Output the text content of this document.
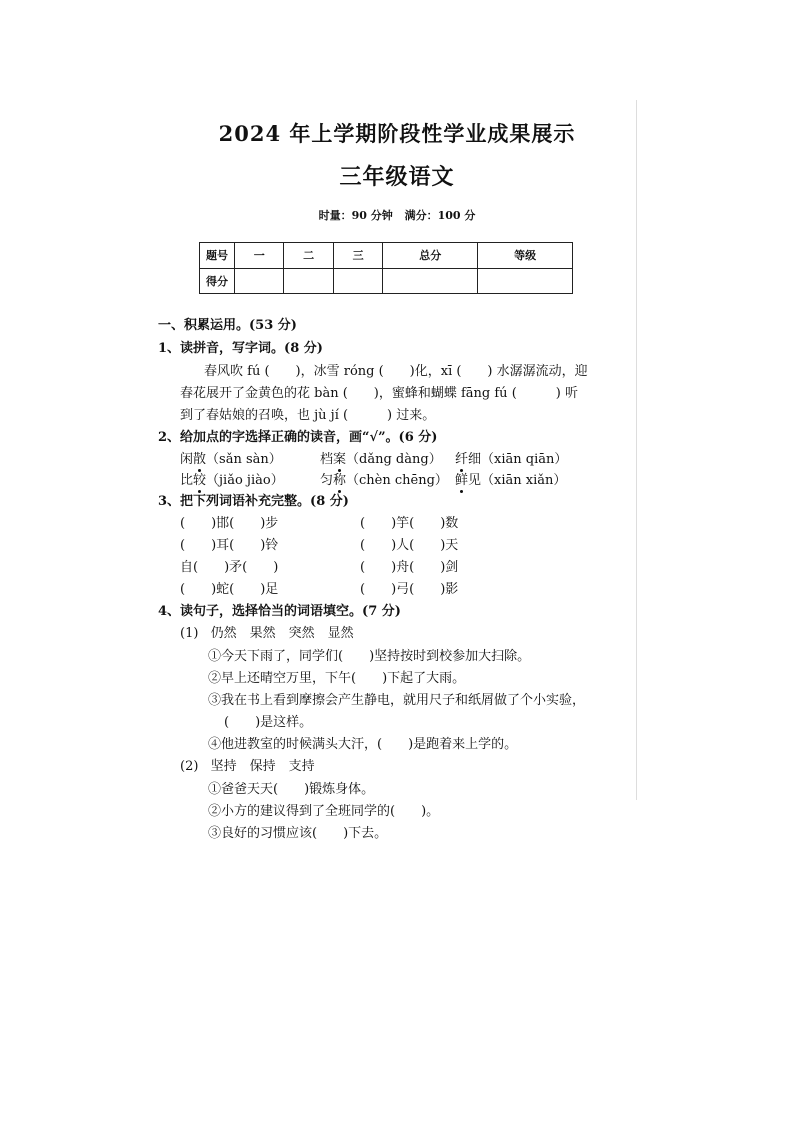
2024 年上学期阶段性学业成果展示
三年级语文
时量：90 分钟 满分：100 分
题号	一	二	三	总分	等级
得分					
一、积累运用。(53 分)
1、读拼音，写字词。(8 分)
春风吹 fú (　　)，冰雪 róng (　　)化，xī (　　) 水潺潺流动，迎
春花展开了金黄色的花 bàn (　　)，蜜蜂和蝴蝶 fāng fú (　　　) 听
到了春姑娘的召唤，也 jù jí (　　　) 过来。
2、给加点的字选择正确的读音，画“√”。(6 分)
闲散（sǎn sàn）	档案（dǎng dàng） 纤细（xiān qiān）
比较（jiǎo jiào）	匀称（chèn chēng） 鲜见（xiān xiǎn）
3、把下列词语补充完整。(8 分)
(　　)邯(　　)步	(　　)竽(　　)数
(　　)耳(　　)铃	(　　)人(　　)天
自(　　)矛(　　)	(　　)舟(　　)剑
(　　)蛇(　　)足	(　　)弓(　　)影
4、读句子，选择恰当的词语填空。(7 分)
(1) 仍然　果然　突然　显然
①今天下雨了，同学们(　　)坚持按时到校参加大扫除。
②早上还晴空万里，下午(　　)下起了大雨。
③我在书上看到摩擦会产生静电，就用尺子和纸屑做了个小实验，
(　　)是这样。
④他进教室的时候满头大汗，(　　)是跑着来上学的。
(2) 坚持　保持　支持
①爸爸天天(　　)锻炼身体。
②小方的建议得到了全班同学的(　　)。
③良好的习惯应该(　　)下去。
